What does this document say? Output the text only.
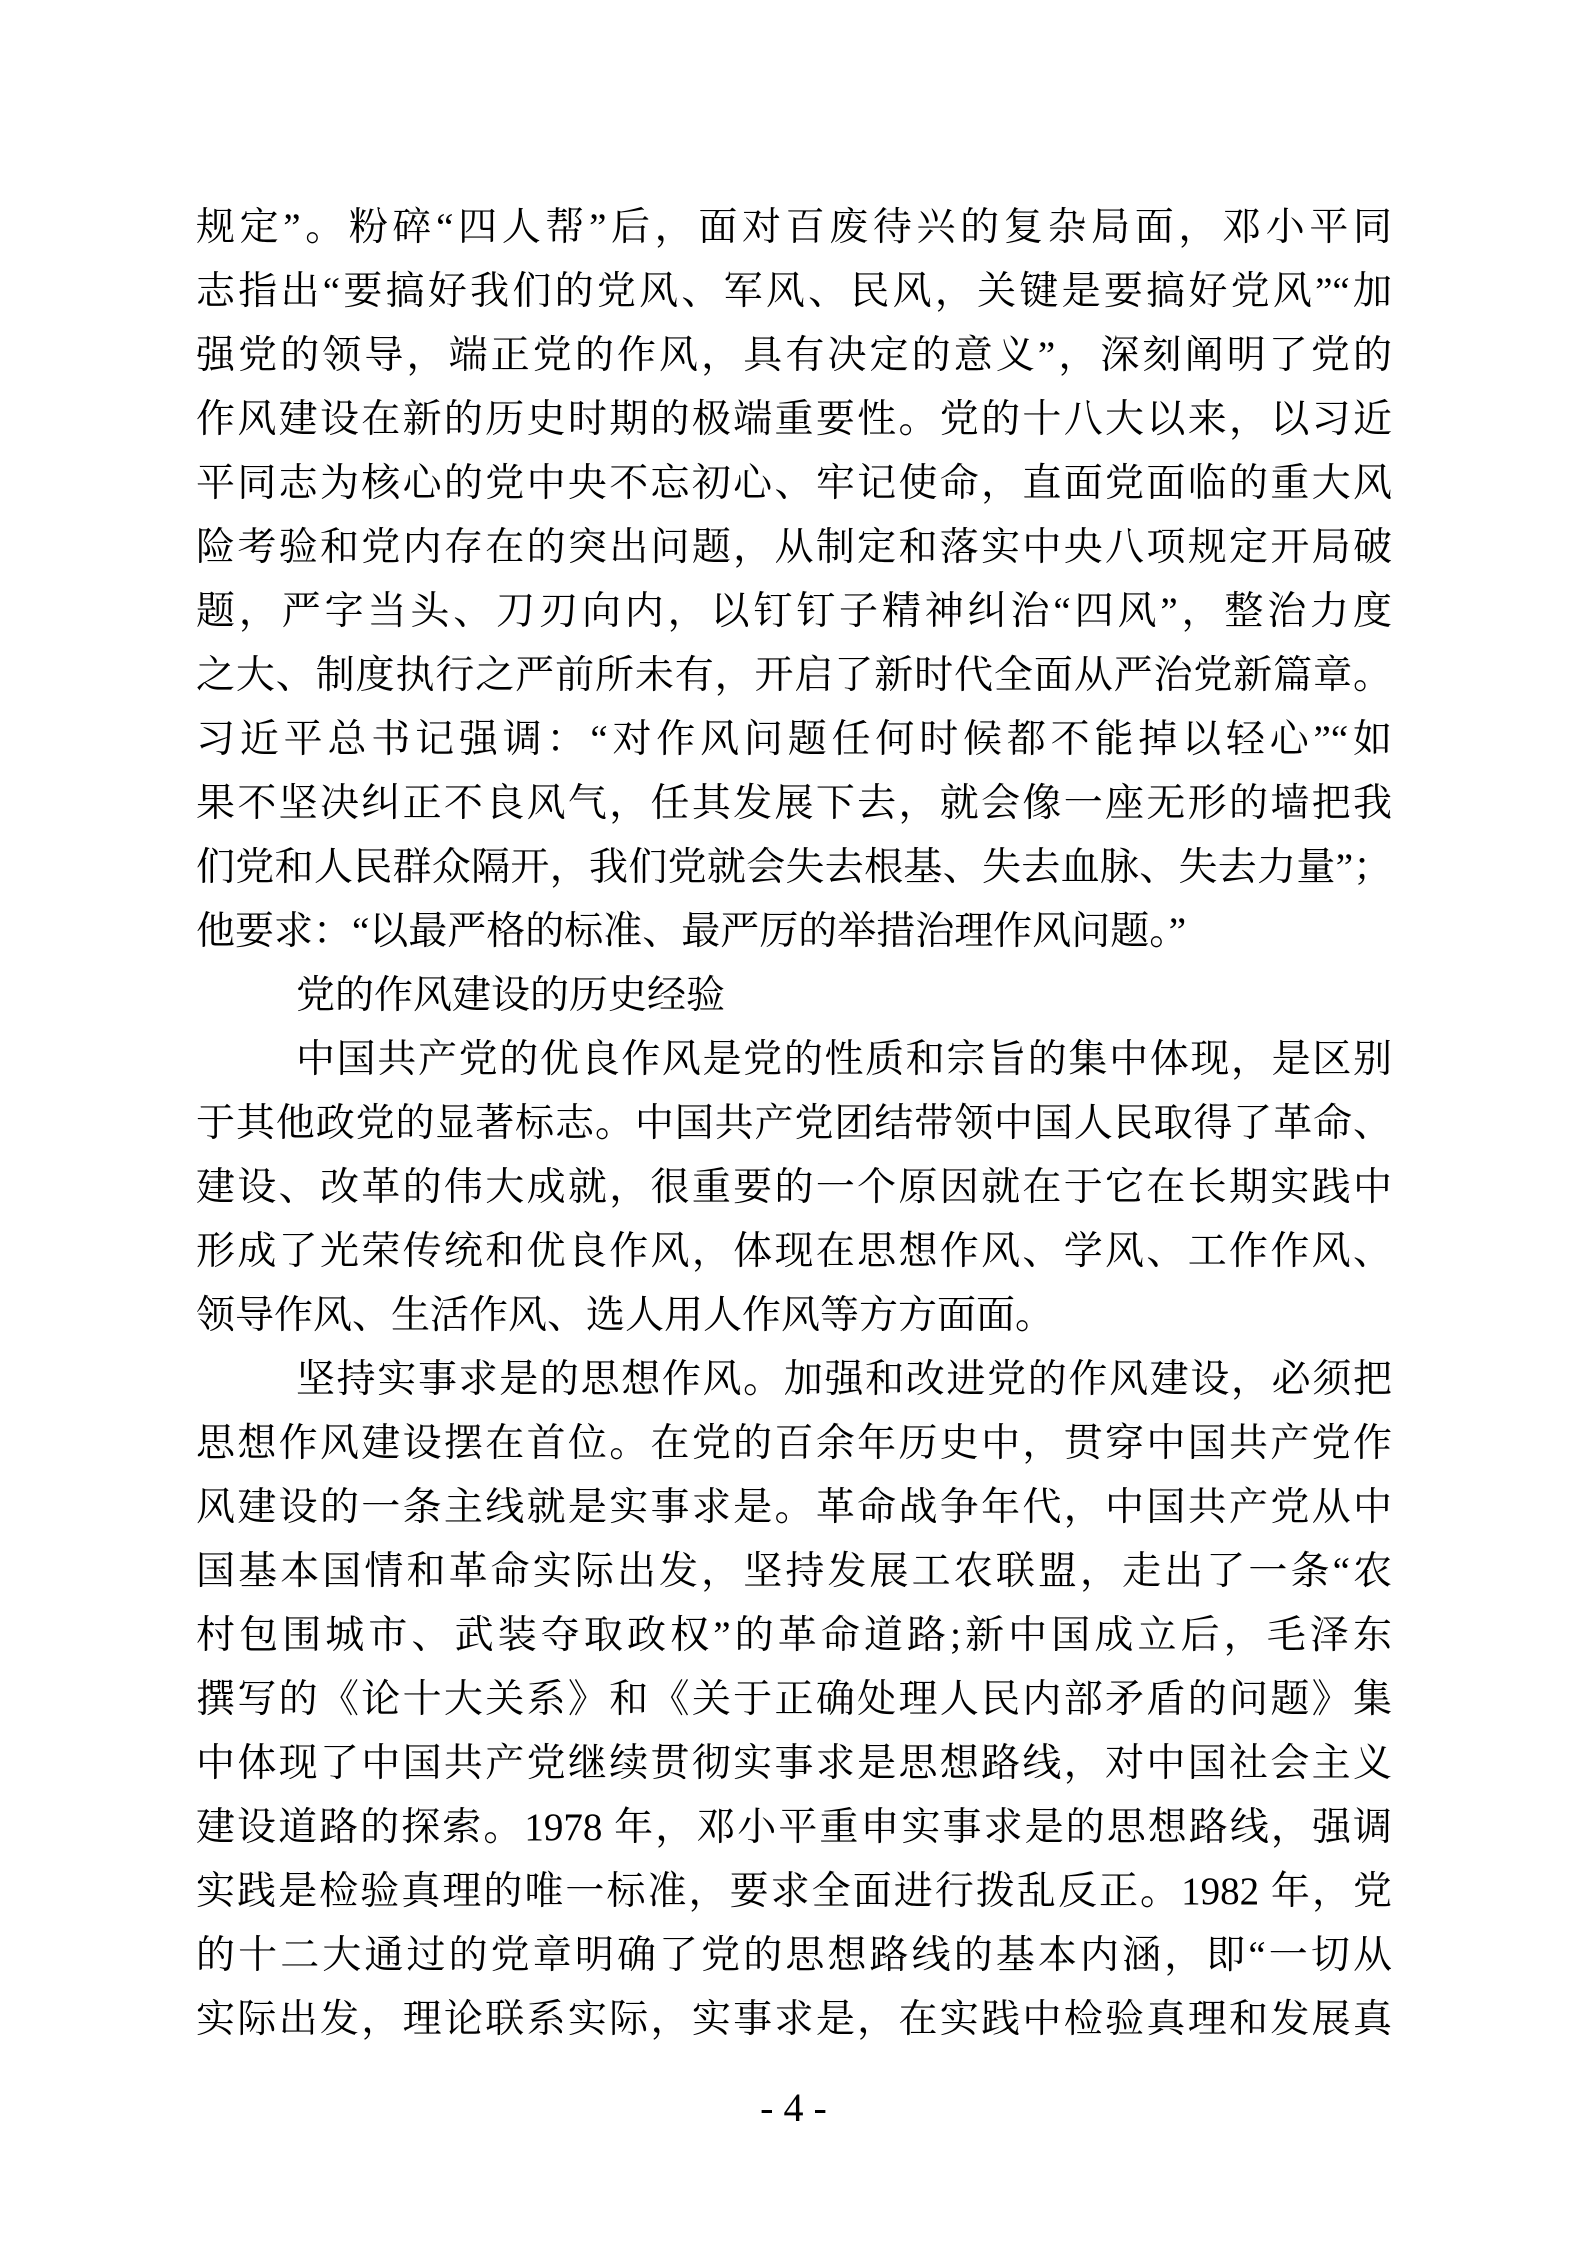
规定”。粉碎“四人帮”后，面对百废待兴的复杂局面，邓小平同
志指出“要搞好我们的党风、军风、民风，关键是要搞好党风”“加
强党的领导，端正党的作风，具有决定的意义”，深刻阐明了党的
作风建设在新的历史时期的极端重要性。党的十八大以来，以习近
平同志为核心的党中央不忘初心、牢记使命，直面党面临的重大风
险考验和党内存在的突出问题，从制定和落实中央八项规定开局破
题，严字当头、刀刃向内，以钉钉子精神纠治“四风”，整治力度
之大、制度执行之严前所未有，开启了新时代全面从严治党新篇章。
习近平总书记强调：“对作风问题任何时候都不能掉以轻心”“如
果不坚决纠正不良风气，任其发展下去，就会像一座无形的墙把我
们党和人民群众隔开，我们党就会失去根基、失去血脉、失去力量”；
他要求：“以最严格的标准、最严厉的举措治理作风问题。”
党的作风建设的历史经验
中国共产党的优良作风是党的性质和宗旨的集中体现，是区别
于其他政党的显著标志。中国共产党团结带领中国人民取得了革命、
建设、改革的伟大成就，很重要的一个原因就在于它在长期实践中
形成了光荣传统和优良作风，体现在思想作风、学风、工作作风、
领导作风、生活作风、选人用人作风等方方面面。
坚持实事求是的思想作风。加强和改进党的作风建设，必须把
思想作风建设摆在首位。在党的百余年历史中，贯穿中国共产党作
风建设的一条主线就是实事求是。革命战争年代，中国共产党从中
国基本国情和革命实际出发，坚持发展工农联盟，走出了一条“农
村包围城市、武装夺取政权”的革命道路;新中国成立后，毛泽东
撰写的《论十大关系》和《关于正确处理人民内部矛盾的问题》集
中体现了中国共产党继续贯彻实事求是思想路线，对中国社会主义
建设道路的探索。1978 年，邓小平重申实事求是的思想路线，强调
实践是检验真理的唯一标准，要求全面进行拨乱反正。1982 年，党
的十二大通过的党章明确了党的思想路线的基本内涵，即“一切从
实际出发，理论联系实际，实事求是，在实践中检验真理和发展真
- 4 -
